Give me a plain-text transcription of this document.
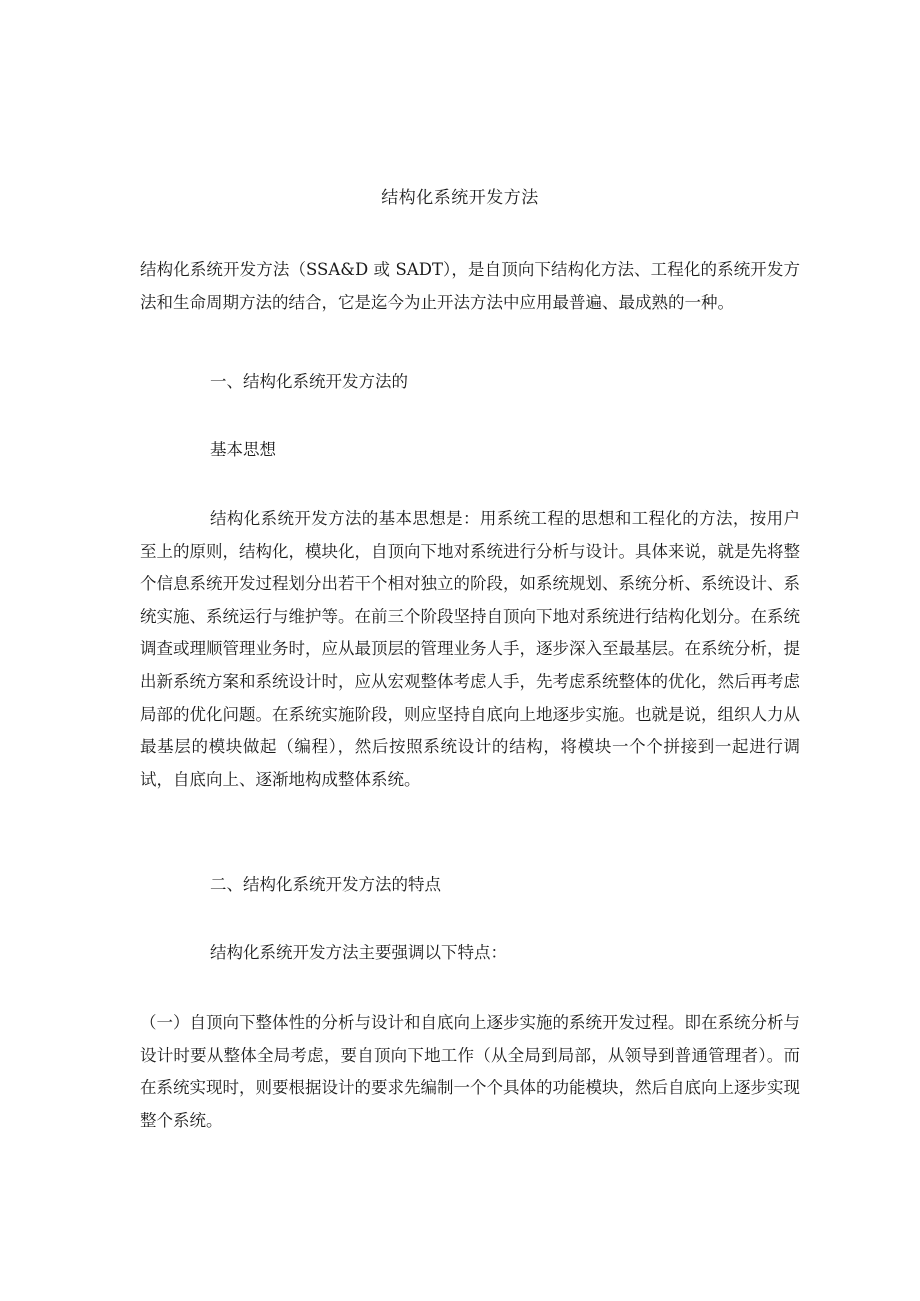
结构化系统开发方法

结构化系统开发方法（SSA&D 或 SADT），是自顶向下结构化方法、工程化的系统开发方法和生命周期方法的结合，它是迄今为止开法方法中应用最普遍、最成熟的一种。

一、结构化系统开发方法的

基本思想

结构化系统开发方法的基本思想是：用系统工程的思想和工程化的方法，按用户至上的原则，结构化，模块化，自顶向下地对系统进行分析与设计。具体来说，就是先将整个信息系统开发过程划分出若干个相对独立的阶段，如系统规划、系统分析、系统设计、系统实施、系统运行与维护等。在前三个阶段坚持自顶向下地对系统进行结构化划分。在系统调查或理顺管理业务时，应从最顶层的管理业务人手，逐步深入至最基层。在系统分析，提出新系统方案和系统设计时，应从宏观整体考虑人手，先考虑系统整体的优化，然后再考虑局部的优化问题。在系统实施阶段，则应坚持自底向上地逐步实施。也就是说，组织人力从最基层的模块做起（编程），然后按照系统设计的结构，将模块一个个拼接到一起进行调试，自底向上、逐渐地构成整体系统。

二、结构化系统开发方法的特点

结构化系统开发方法主要强调以下特点：

（一）自顶向下整体性的分析与设计和自底向上逐步实施的系统开发过程。即在系统分析与设计时要从整体全局考虑，要自顶向下地工作（从全局到局部，从领导到普通管理者）。而在系统实现时，则要根据设计的要求先编制一个个具体的功能模块，然后自底向上逐步实现整个系统。
